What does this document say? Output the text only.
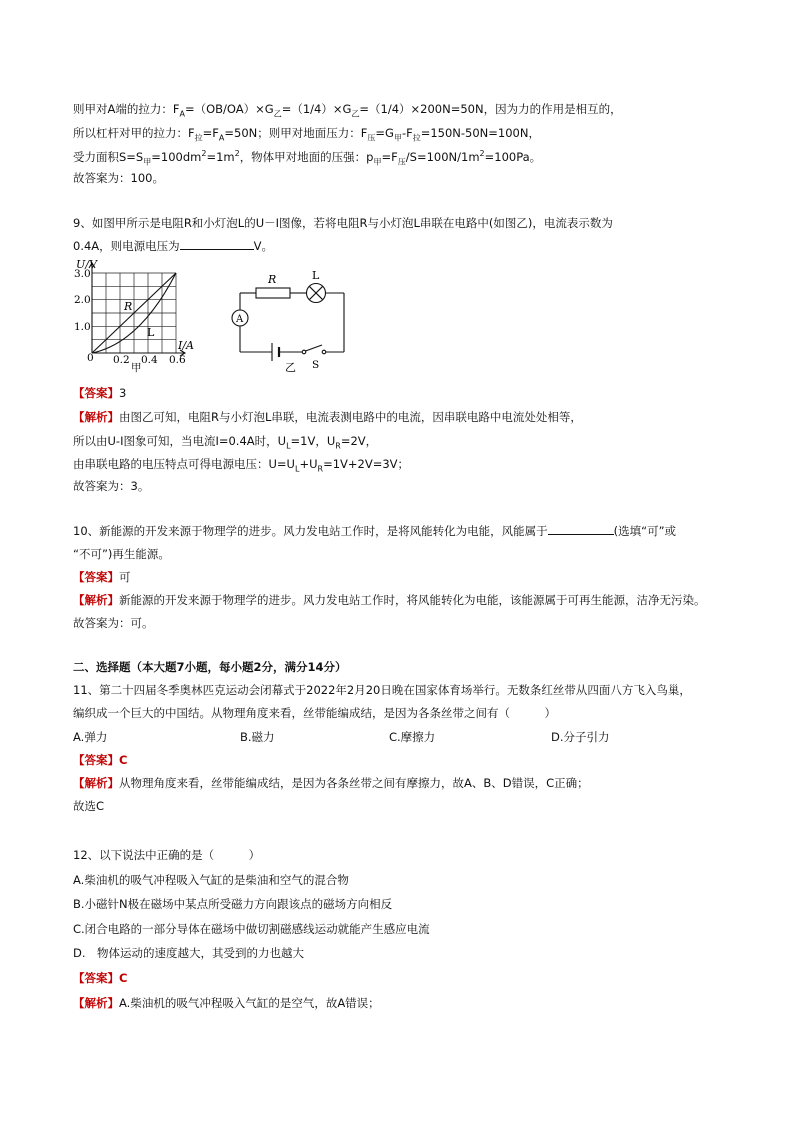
则甲对A端的拉力：$F_A=(OB/OA)\times G_乙=(1/4)\times G_乙=(1/4)\times 200N=50N$，因为力的作用是相互的，
所以杠杆对甲的拉力：$F_拉=F_A=50N$；则甲对地面压力：$F_压=G_甲-F_拉=150N-50N=100N$，
受力面积$S=S_甲=100dm^2=1m^2$，物体甲对地面的压强：$p_甲=F_压/S=100N/1m^2=100Pa$。
故答案为：100。
9、如图甲所示是电阻R和小灯泡L的U－I图像，若将电阻R与小灯泡L串联在电路中(如图乙)，电流表示数为
0.4A，则电源电压为	V。
U/V
3.0
2.0
1.0
0 0.2 0.4 0.6
I/A
R
L
甲
R	L
A
乙 S
【答案】3
【解析】由图乙可知，电阻R与小灯泡L串联，电流表测电路中的电流，因串联电路中电流处处相等，
所以由U-I图象可知，当电流I=0.4A时，$U_L=1V$，$U_R=2V$，
由串联电路的电压特点可得电源电压：$U=U_L+U_R=1V+2V=3V$；
故答案为：3。
10、新能源的开发来源于物理学的进步。风力发电站工作时，是将风能转化为电能，风能属于	(选填“可”或
“不可”)再生能源。
【答案】可
【解析】新能源的开发来源于物理学的进步。风力发电站工作时，将风能转化为电能，该能源属于可再生能源，洁净无污染。
故答案为：可。
二、选择题（本大题7小题，每小题2分，满分14分）
11、第二十四届冬季奥林匹克运动会闭幕式于2022年2月20日晚在国家体育场举行。无数条红丝带从四面八方飞入鸟巢，
编织成一个巨大的中国结。从物理角度来看，丝带能编成结，是因为各条丝带之间有（　　　）
A.弹力	B.磁力	C.摩擦力	D.分子引力
【答案】C
【解析】从物理角度来看，丝带能编成结，是因为各条丝带之间有摩擦力，故A、B、D错误，C正确；
故选C
12、以下说法中正确的是（　　　）
A.柴油机的吸气冲程吸入气缸的是柴油和空气的混合物
B.小磁针N极在磁场中某点所受磁力方向跟该点的磁场方向相反
C.闭合电路的一部分导体在磁场中做切割磁感线运动就能产生感应电流
D.　物体运动的速度越大，其受到的力也越大
【答案】C
【解析】A.柴油机的吸气冲程吸入气缸的是空气，故A错误；
